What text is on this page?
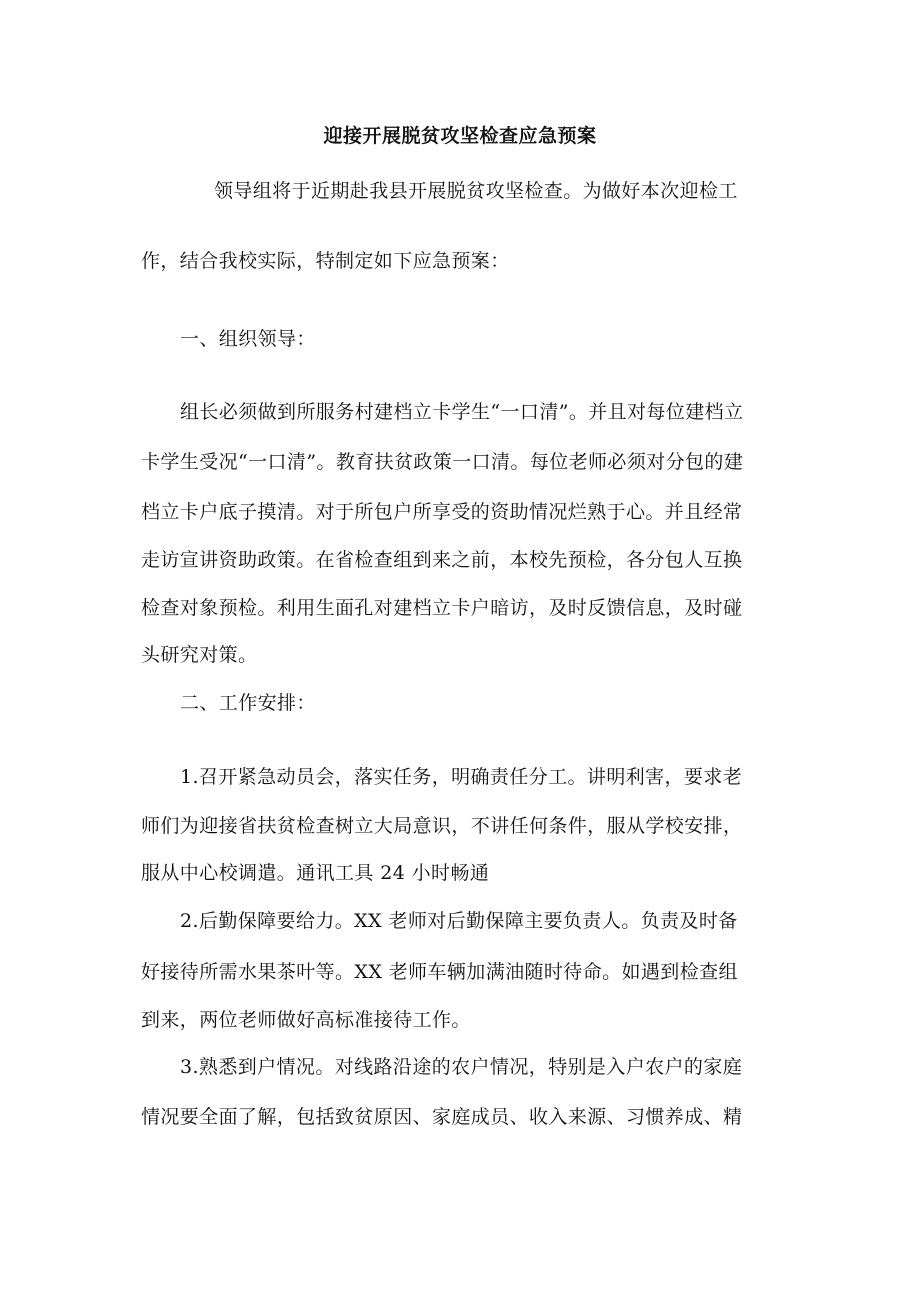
迎接开展脱贫攻坚检查应急预案
领导组将于近期赴我县开展脱贫攻坚检查。为做好本次迎检工
作，结合我校实际，特制定如下应急预案：
一、组织领导：
组长必须做到所服务村建档立卡学生“一口清”。并且对每位建档立
卡学生受况“一口清”。教育扶贫政策一口清。每位老师必须对分包的建
档立卡户底子摸清。对于所包户所享受的资助情况烂熟于心。并且经常
走访宣讲资助政策。在省检查组到来之前，本校先预检，各分包人互换
检查对象预检。利用生面孔对建档立卡户暗访，及时反馈信息，及时碰
头研究对策。
二、工作安排：
1.召开紧急动员会，落实任务，明确责任分工。讲明利害，要求老
师们为迎接省扶贫检查树立大局意识，不讲任何条件，服从学校安排，
服从中心校调遣。通讯工具 24 小时畅通
2.后勤保障要给力。XX 老师对后勤保障主要负责人。负责及时备
好接待所需水果茶叶等。XX 老师车辆加满油随时待命。如遇到检查组
到来，两位老师做好高标准接待工作。
3.熟悉到户情况。对线路沿途的农户情况，特别是入户农户的家庭
情况要全面了解，包括致贫原因、家庭成员、收入来源、习惯养成、精
